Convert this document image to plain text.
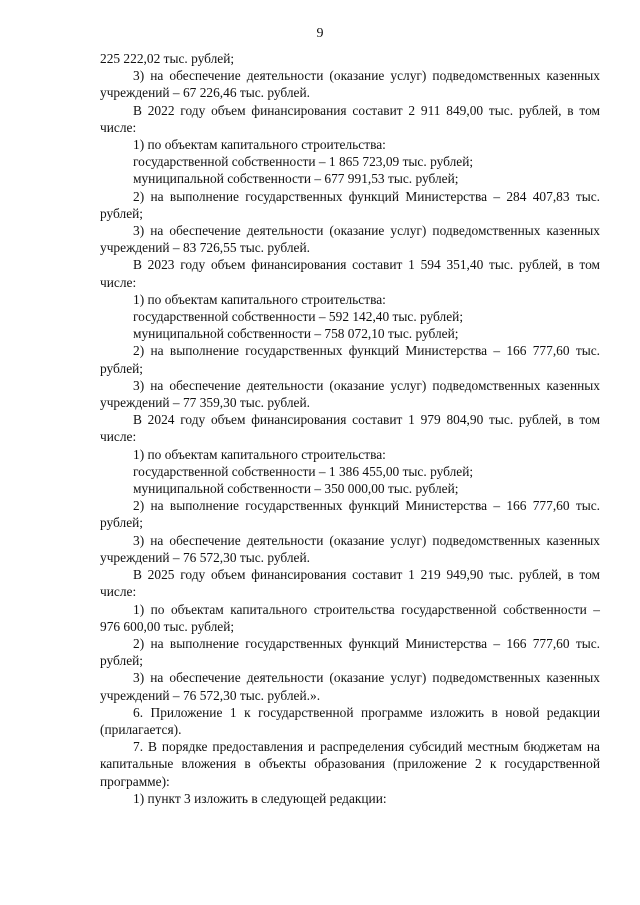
9

225 222,02 тыс. рублей;

3) на обеспечение деятельности (оказание услуг) подведомственных казенных учреждений – 67 226,46 тыс. рублей.

В 2022 году объем финансирования составит 2 911 849,00 тыс. рублей, в том числе:

1) по объектам капитального строительства:

государственной собственности – 1 865 723,09 тыс. рублей;

муниципальной собственности – 677 991,53 тыс. рублей;

2) на выполнение государственных функций Министерства – 284 407,83 тыс. рублей;

3) на обеспечение деятельности (оказание услуг) подведомственных казенных учреждений – 83 726,55 тыс. рублей.

В 2023 году объем финансирования составит 1 594 351,40 тыс. рублей, в том числе:

1) по объектам капитального строительства:

государственной собственности – 592 142,40 тыс. рублей;

муниципальной собственности – 758 072,10 тыс. рублей;

2) на выполнение государственных функций Министерства – 166 777,60 тыс. рублей;

3) на обеспечение деятельности (оказание услуг) подведомственных казенных учреждений – 77 359,30 тыс. рублей.

В 2024 году объем финансирования составит 1 979 804,90 тыс. рублей, в том числе:

1) по объектам капитального строительства:

государственной собственности – 1 386 455,00 тыс. рублей;

муниципальной собственности – 350 000,00 тыс. рублей;

2) на выполнение государственных функций Министерства – 166 777,60 тыс. рублей;

3) на обеспечение деятельности (оказание услуг) подведомственных казенных учреждений – 76 572,30 тыс. рублей.

В 2025 году объем финансирования составит 1 219 949,90 тыс. рублей, в том числе:

1) по объектам капитального строительства государственной собственности – 976 600,00 тыс. рублей;

2) на выполнение государственных функций Министерства – 166 777,60 тыс. рублей;

3) на обеспечение деятельности (оказание услуг) подведомственных казенных учреждений – 76 572,30 тыс. рублей.».

6. Приложение 1 к государственной программе изложить в новой редакции (прилагается).

7. В порядке предоставления и распределения субсидий местным бюджетам на капитальные вложения в объекты образования (приложение 2 к государственной программе):

1) пункт 3 изложить в следующей редакции:
